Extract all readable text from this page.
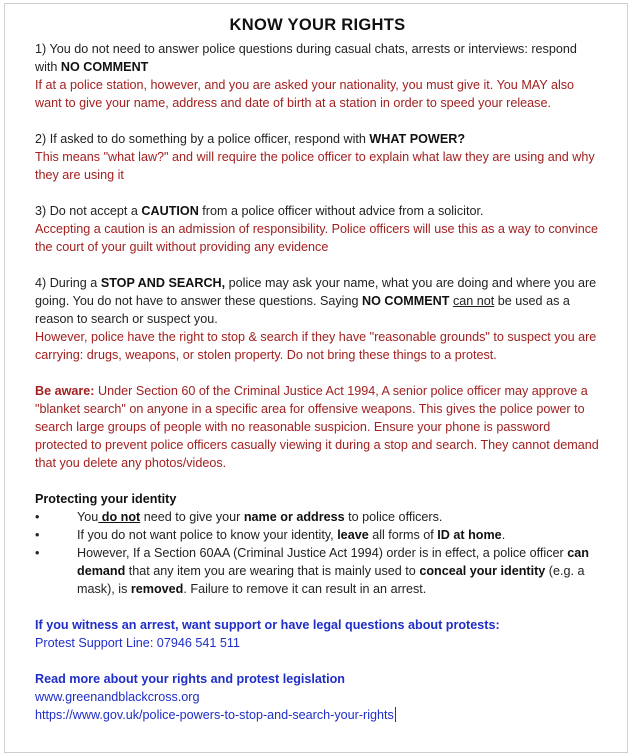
KNOW YOUR RIGHTS

1) You do not need to answer police questions during casual chats, arrests or interviews: respond with NO COMMENT

If at a police station, however, and you are asked your nationality, you must give it. You MAY also want to give your name, address and date of birth at a station in order to speed your release.

2) If asked to do something by a police officer, respond with WHAT POWER?

This means "what law?" and will require the police officer to explain what law they are using and why they are using it

3) Do not accept a CAUTION from a police officer without advice from a solicitor.

Accepting a caution is an admission of responsibility. Police officers will use this as a way to convince the court of your guilt without providing any evidence

4) During a STOP AND SEARCH, police may ask your name, what you are doing and where you are going. You do not have to answer these questions. Saying NO COMMENT can not be used as a reason to search or suspect you.

However, police have the right to stop & search if they have "reasonable grounds" to suspect you are carrying: drugs, weapons, or stolen property. Do not bring these things to a protest.

Be aware: Under Section 60 of the Criminal Justice Act 1994, A senior police officer may approve a "blanket search" on anyone in a specific area for offensive weapons. This gives the police power to search large groups of people with no reasonable suspicion. Ensure your phone is password protected to prevent police officers casually viewing it during a stop and search. They cannot demand that you delete any photos/videos.

Protecting your identity

•	You do not need to give your name or address to police officers.
•	If you do not want police to know your identity, leave all forms of ID at home.
•	However, If a Section 60AA (Criminal Justice Act 1994) order is in effect, a police officer can demand that any item you are wearing that is mainly used to conceal your identity (e.g. a mask), is removed. Failure to remove it can result in an arrest.

If you witness an arrest, want support or have legal questions about protests:

Protest Support Line: 07946 541 511

Read more about your rights and protest legislation

www.greenandblackcross.org

https://www.gov.uk/police-powers-to-stop-and-search-your-rights
